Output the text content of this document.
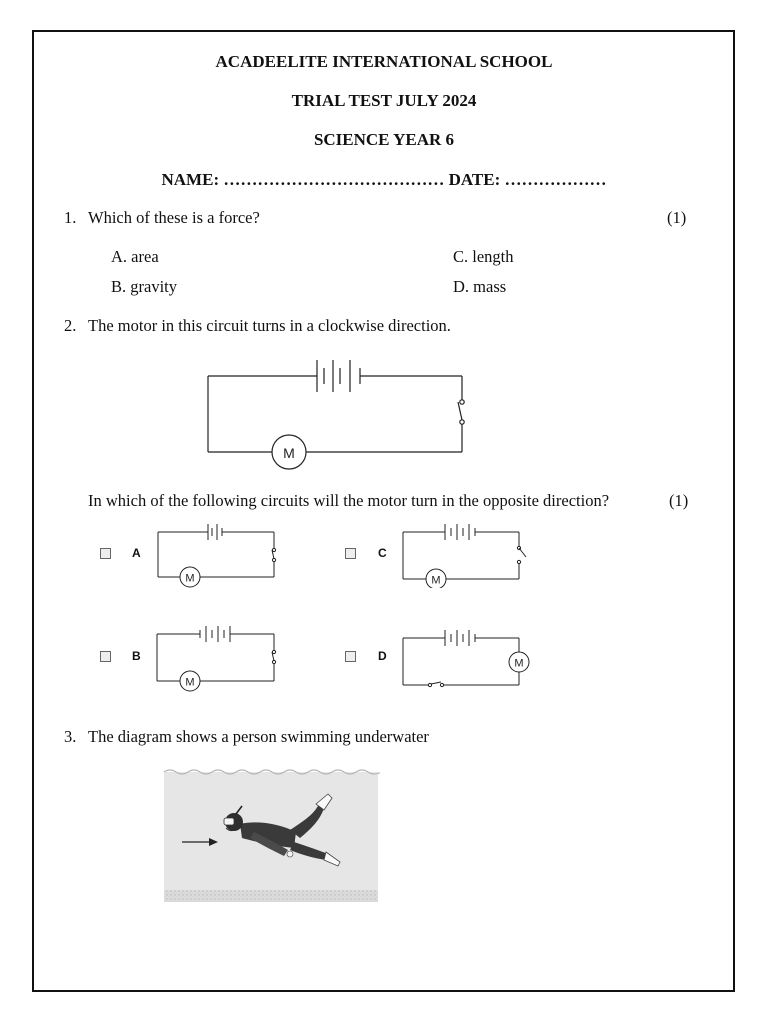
ACADEELITE INTERNATIONAL SCHOOL
TRIAL TEST JULY 2024
SCIENCE YEAR 6
NAME: ………………………………… DATE: ………………
1. Which of these is a force?	(1)
A. area
B. gravity
C. length
D. mass
2. The motor in this circuit turns in a clockwise direction.
M
In which of the following circuits will the motor turn in the opposite direction?	(1)
A
M
C
M
B
M
D
M
3. The diagram shows a person swimming underwater
